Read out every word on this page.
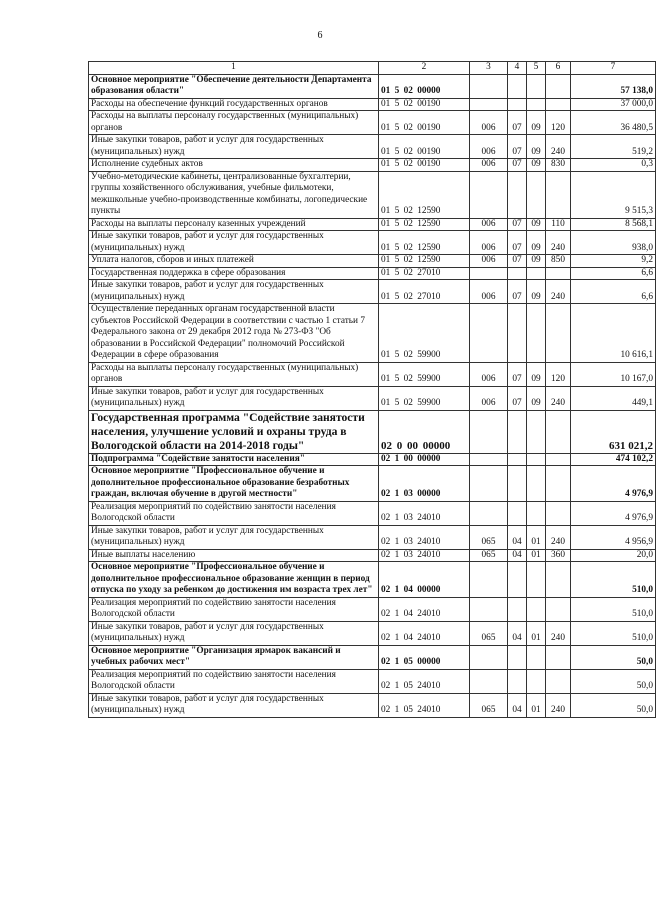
6
1	2	3	4	5	6	7
Основное мероприятие "Обеспечение деятельности Департамента образования области"	01 5 02 00000					57 138,0
Расходы на обеспечение функций государственных органов	01 5 02 00190					37 000,0
Расходы на выплаты персоналу государственных (муниципальных) органов	01 5 02 00190	006	07	09	120	36 480,5
Иные закупки товаров, работ и услуг для государственных (муниципальных) нужд	01 5 02 00190	006	07	09	240	519,2
Исполнение судебных актов	01 5 02 00190	006	07	09	830	0,3
Учебно-методические кабинеты, централизованные бухгалтерии, группы хозяйственного обслуживания, учебные фильмотеки, межшкольные учебно-производственные комбинаты, логопедические пункты	01 5 02 12590					9 515,3
Расходы на выплаты персоналу казенных учреждений	01 5 02 12590	006	07	09	110	8 568,1
Иные закупки товаров, работ и услуг для государственных (муниципальных) нужд	01 5 02 12590	006	07	09	240	938,0
Уплата налогов, сборов и иных платежей	01 5 02 12590	006	07	09	850	9,2
Государственная поддержка в сфере образования	01 5 02 27010					6,6
Иные закупки товаров, работ и услуг для государственных (муниципальных) нужд	01 5 02 27010	006	07	09	240	6,6
Осуществление переданных органам государственной власти субъектов Российской Федерации в соответствии с частью 1 статьи 7 Федерального закона от 29 декабря 2012 года № 273-ФЗ "Об образовании в Российской Федерации" полномочий Российской Федерации в сфере образования	01 5 02 59900					10 616,1
Расходы на выплаты персоналу государственных (муниципальных) органов	01 5 02 59900	006	07	09	120	10 167,0
Иные закупки товаров, работ и услуг для государственных (муниципальных) нужд	01 5 02 59900	006	07	09	240	449,1
Государственная программа "Содействие занятости населения, улучшение условий и охраны труда в Вологодской области на 2014-2018 годы"	02 0 00 00000					631 021,2
Подпрограмма "Содействие занятости населения"	02 1 00 00000					474 102,2
Основное мероприятие "Профессиональное обучение и дополнительное профессиональное образование безработных граждан, включая обучение в другой местности"	02 1 03 00000					4 976,9
Реализация мероприятий по содействию занятости населения Вологодской области	02 1 03 24010					4 976,9
Иные закупки товаров, работ и услуг для государственных (муниципальных) нужд	02 1 03 24010	065	04	01	240	4 956,9
Иные выплаты населению	02 1 03 24010	065	04	01	360	20,0
Основное мероприятие "Профессиональное обучение и дополнительное профессиональное образование женщин в период отпуска по уходу за ребенком до достижения им возраста трех лет"	02 1 04 00000					510,0
Реализация мероприятий по содействию занятости населения Вологодской области	02 1 04 24010					510,0
Иные закупки товаров, работ и услуг для государственных (муниципальных) нужд	02 1 04 24010	065	04	01	240	510,0
Основное мероприятие "Организация ярмарок вакансий и учебных рабочих мест"	02 1 05 00000					50,0
Реализация мероприятий по содействию занятости населения Вологодской области	02 1 05 24010					50,0
Иные закупки товаров, работ и услуг для государственных (муниципальных) нужд	02 1 05 24010	065	04	01	240	50,0
